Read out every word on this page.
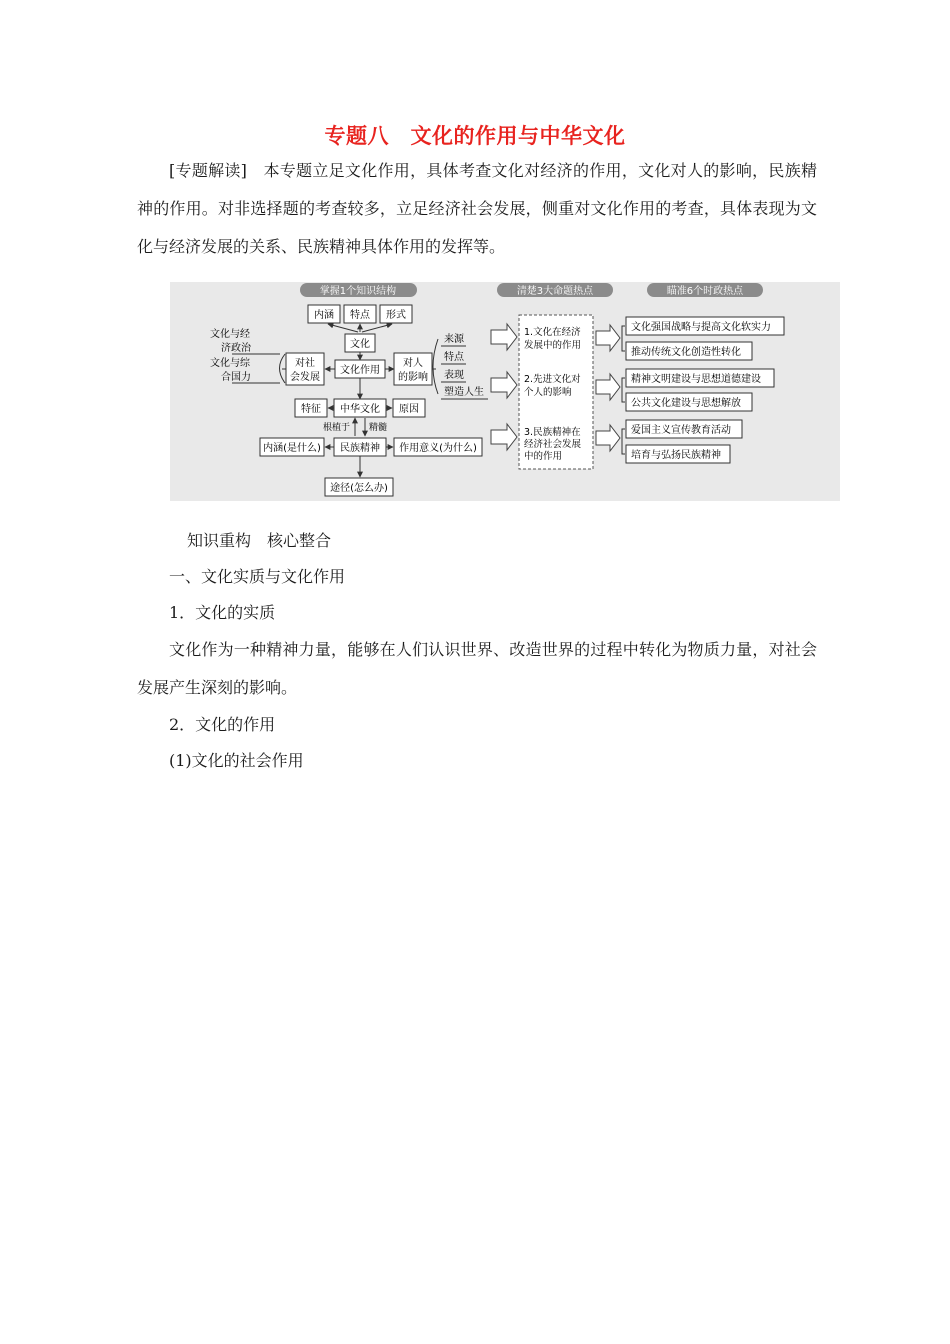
专题八　文化的作用与中华文化

[专题解读]　本专题立足文化作用，具体考查文化对经济的作用，文化对人的影响，民族精神的作用。对非选择题的考查较多，立足经济社会发展，侧重对文化作用的考查，具体表现为文化与经济发展的关系、民族精神具体作用的发挥等。

掌握1个知识结构	清楚3大命题热点	瞄准6个时政热点
内涵 特点 形式
文化
文化作用
文化与经
济政治
文化与综
合国力
对社
会发展
对人
的影响
来源
特点
表现
塑造人生
中华文化
特征	原因
根植于 精髓
民族精神
内涵(是什么)	作用意义(为什么)
途径(怎么办)
1.文化在经济
发展中的作用
2.先进文化对
个人的影响
3.民族精神在
经济社会发展
中的作用
文化强国战略与提高文化软实力
推动传统文化创造性转化
精神文明建设与思想道德建设
公共文化建设与思想解放
爱国主义宣传教育活动
培育与弘扬民族精神

知识重构　核心整合

一、文化实质与文化作用

1．文化的实质

文化作为一种精神力量，能够在人们认识世界、改造世界的过程中转化为物质力量，对社会发展产生深刻的影响。

2．文化的作用

(1)文化的社会作用
